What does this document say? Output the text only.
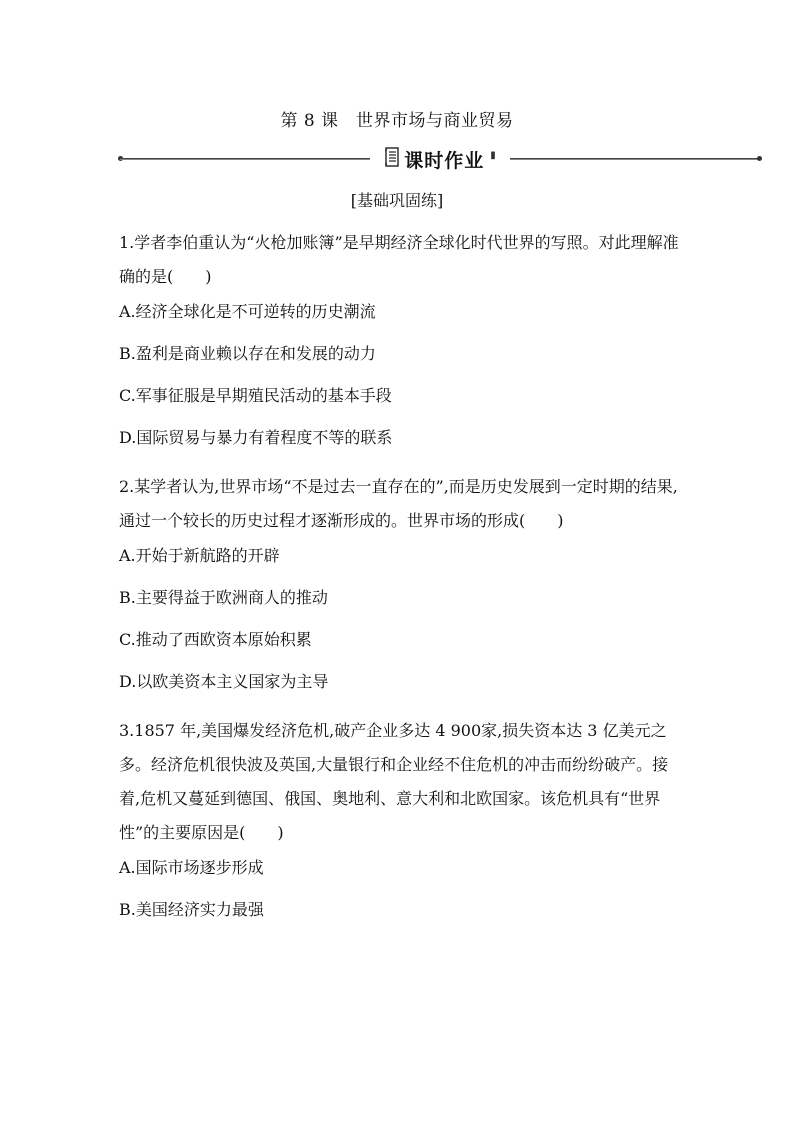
第 8 课　世界市场与商业贸易
课时作业 ▮
[基础巩固练]
1.学者李伯重认为“火枪加账簿”是早期经济全球化时代世界的写照。对此理解准确的是(　　)
A.经济全球化是不可逆转的历史潮流
B.盈利是商业赖以存在和发展的动力
C.军事征服是早期殖民活动的基本手段
D.国际贸易与暴力有着程度不等的联系
2.某学者认为,世界市场“不是过去一直存在的”,而是历史发展到一定时期的结果,通过一个较长的历史过程才逐渐形成的。世界市场的形成(　　)
A.开始于新航路的开辟
B.主要得益于欧洲商人的推动
C.推动了西欧资本原始积累
D.以欧美资本主义国家为主导
3.1857 年,美国爆发经济危机,破产企业多达 4 900家,损失资本达 3 亿美元之多。经济危机很快波及英国,大量银行和企业经不住危机的冲击而纷纷破产。接着,危机又蔓延到德国、俄国、奥地利、意大利和北欧国家。该危机具有“世界性”的主要原因是(　　)
A.国际市场逐步形成
B.美国经济实力最强
